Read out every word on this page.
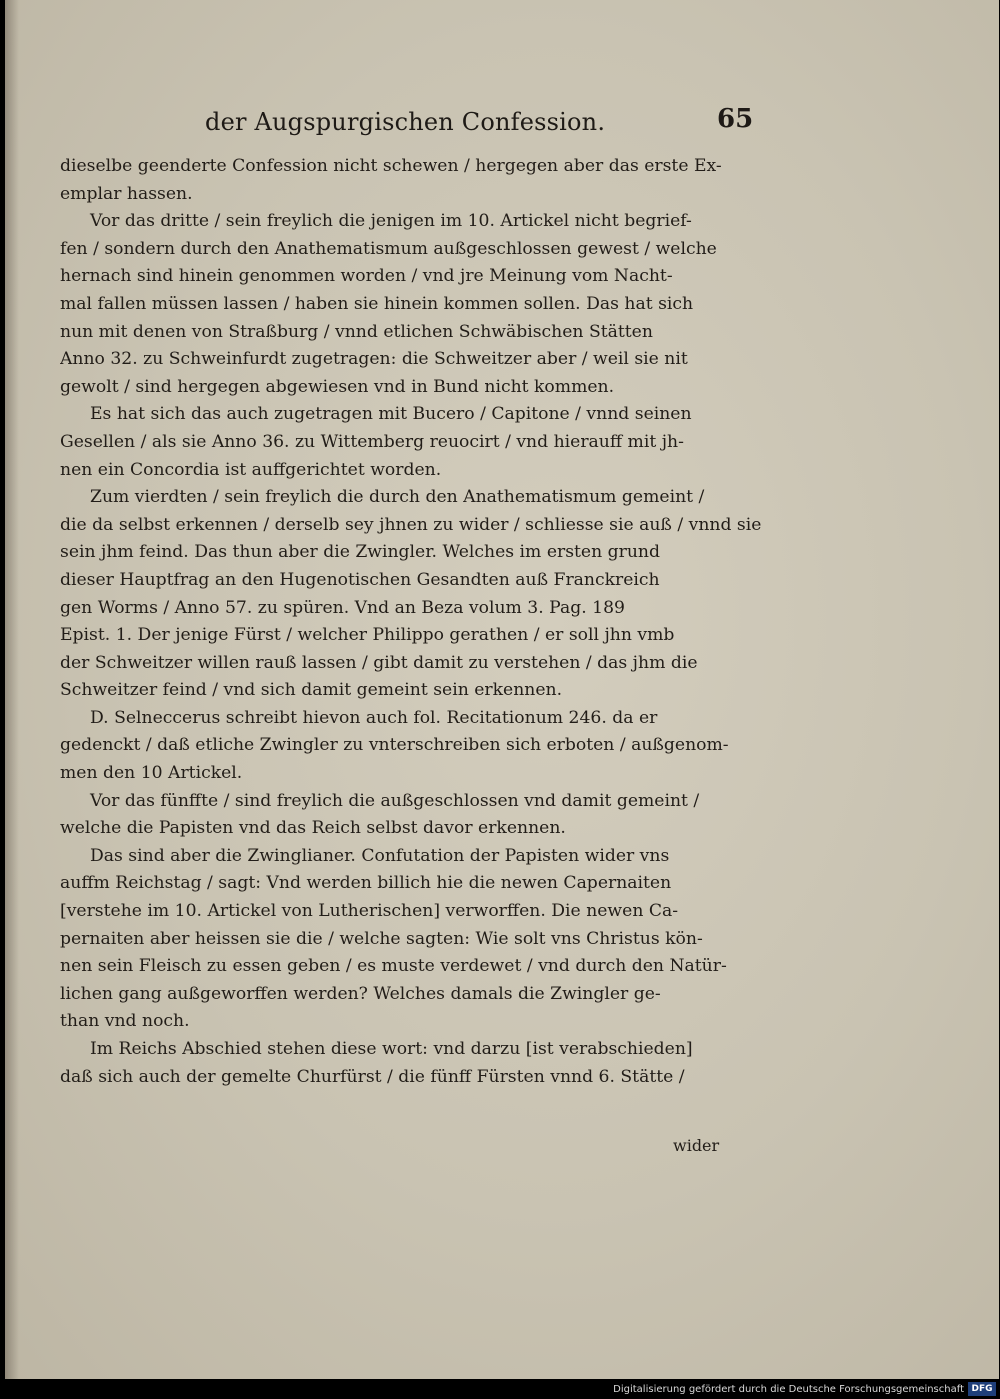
der Augspurgischen Confession.	65
dieselbe geenderte Confession nicht schewen / hergegen aber das erste Ex-
emplar hassen.
Vor das dritte / sein freylich die jenigen im 10. Artickel nicht begrief-
fen / sondern durch den Anathematismum außgeschlossen gewest / welche
hernach sind hinein genommen worden / vnd jre Meinung vom Nacht-
mal fallen müssen lassen / haben sie hinein kommen sollen. Das hat sich
nun mit denen von Straßburg / vnnd etlichen Schwäbischen Stätten
Anno 32. zu Schweinfurdt zugetragen: die Schweitzer aber / weil sie nit
gewolt / sind hergegen abgewiesen vnd in Bund nicht kommen.
Es hat sich das auch zugetragen mit Bucero / Capitone / vnnd seinen
Gesellen / als sie Anno 36. zu Wittemberg reuocirt / vnd hierauff mit jh-
nen ein Concordia ist auffgerichtet worden.
Zum vierdten / sein freylich die durch den Anathematismum gemeint /
die da selbst erkennen / derselb sey jhnen zu wider / schliesse sie auß / vnnd sie
sein jhm feind. Das thun aber die Zwingler. Welches im ersten grund
dieser Hauptfrag an den Hugenotischen Gesandten auß Franckreich
gen Worms / Anno 57. zu spüren. Vnd an Beza volum 3. Pag. 189
Epist. 1. Der jenige Fürst / welcher Philippo gerathen / er soll jhn vmb
der Schweitzer willen rauß lassen / gibt damit zu verstehen / das jhm die
Schweitzer feind / vnd sich damit gemeint sein erkennen.
D. Selneccerus schreibt hievon auch fol. Recitationum 246. da er
gedenckt / daß etliche Zwingler zu vnterschreiben sich erboten / außgenom-
men den 10 Artickel.
Vor das fünffte / sind freylich die außgeschlossen vnd damit gemeint /
welche die Papisten vnd das Reich selbst davor erkennen.
Das sind aber die Zwinglianer. Confutation der Papisten wider vns
auffm Reichstag / sagt: Vnd werden billich hie die newen Capernaiten
[verstehe im 10. Artickel von Lutherischen] verworffen. Die newen Ca-
pernaiten aber heissen sie die / welche sagten: Wie solt vns Christus kön-
nen sein Fleisch zu essen geben / es muste verdewet / vnd durch den Natür-
lichen gang außgeworffen werden? Welches damals die Zwingler ge-
than vnd noch.
Im Reichs Abschied stehen diese wort: vnd darzu [ist verabschieden]
daß sich auch der gemelte Churfürst / die fünff Fürsten vnnd 6. Stätte /
wider
Digitalisierung gefördert durch die Deutsche Forschungsgemeinschaft DFG
